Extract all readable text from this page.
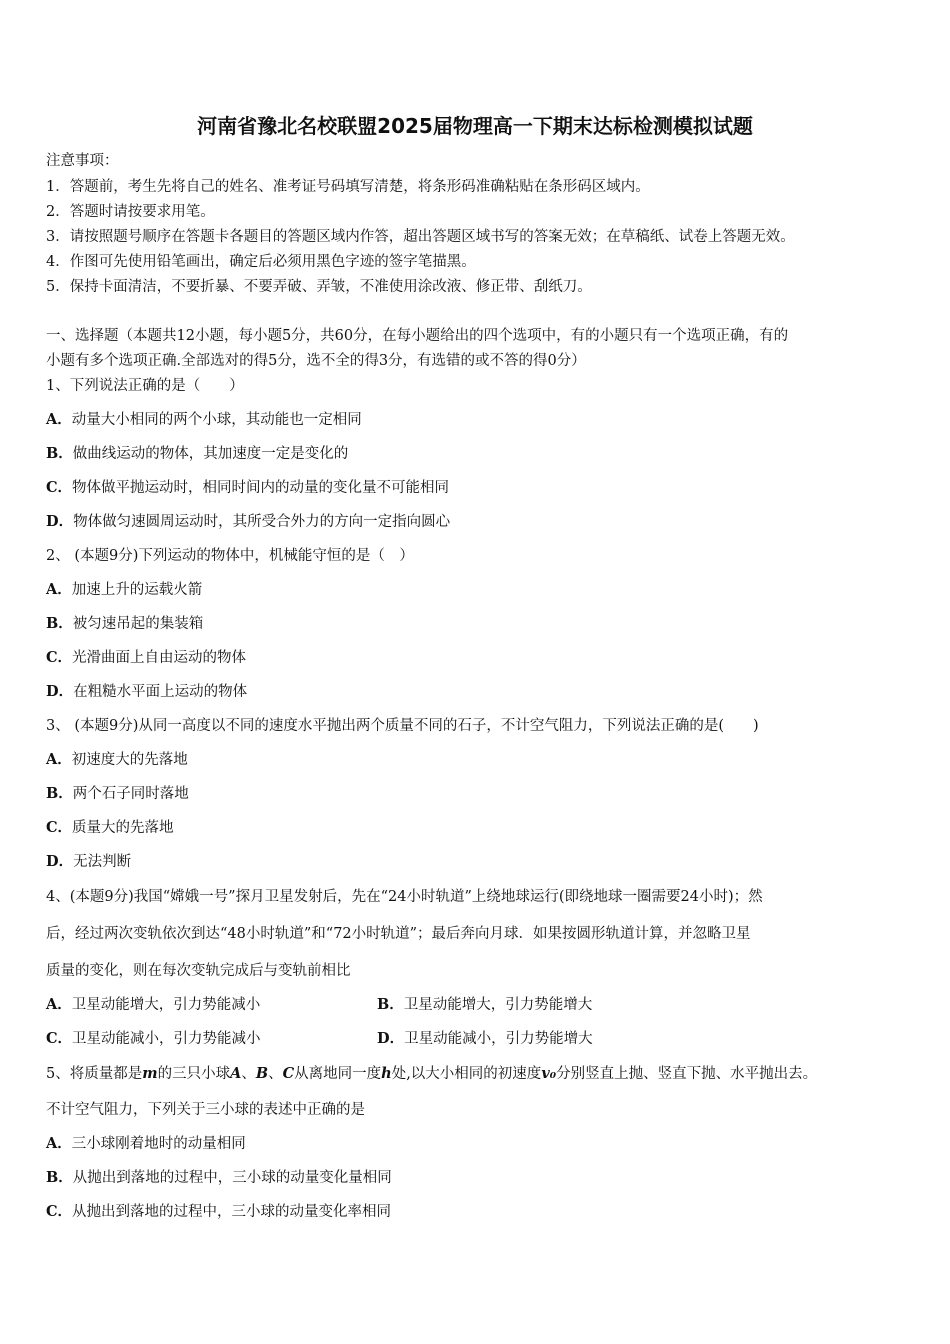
河南省豫北名校联盟2025届物理高一下期末达标检测模拟试题
注意事项：
1．答题前，考生先将自己的姓名、准考证号码填写清楚，将条形码准确粘贴在条形码区域内。
2．答题时请按要求用笔。
3．请按照题号顺序在答题卡各题目的答题区域内作答，超出答题区域书写的答案无效；在草稿纸、试卷上答题无效。
4．作图可先使用铅笔画出，确定后必须用黑色字迹的签字笔描黑。
5．保持卡面清洁，不要折暴、不要弄破、弄皱，不准使用涂改液、修正带、刮纸刀。
一、选择题（本题共12小题，每小题5分，共60分，在每小题给出的四个选项中，有的小题只有一个选项正确，有的
小题有多个选项正确.全部选对的得5分，选不全的得3分，有选错的或不答的得0分）
1、下列说法正确的是（　　）
A．动量大小相同的两个小球，其动能也一定相同
B．做曲线运动的物体，其加速度一定是变化的
C．物体做平抛运动时，相同时间内的动量的变化量不可能相同
D．物体做匀速圆周运动时，其所受合外力的方向一定指向圆心
2、 (本题9分)下列运动的物体中，机械能守恒的是（　）
A．加速上升的运载火箭
B．被匀速吊起的集装箱
C．光滑曲面上自由运动的物体
D．在粗糙水平面上运动的物体
3、 (本题9分)从同一高度以不同的速度水平抛出两个质量不同的石子，不计空气阻力，下列说法正确的是(　　)
A．初速度大的先落地
B．两个石子同时落地
C．质量大的先落地
D．无法判断
4、(本题9分)我国“嫦娥一号”探月卫星发射后，先在“24小时轨道”上绕地球运行(即绕地球一圈需要24小时)；然
后，经过两次变轨依次到达“48小时轨道”和“72小时轨道”；最后奔向月球．如果按圆形轨道计算，并忽略卫星
质量的变化，则在每次变轨完成后与变轨前相比
A．卫星动能增大，引力势能减小	B．卫星动能增大，引力势能增大
C．卫星动能减小，引力势能减小	D．卫星动能减小，引力势能增大
5、将质量都是m的三只小球A、B、C从离地同一度h处,以大小相同的初速度v₀分别竖直上抛、竖直下抛、水平抛出去。
不计空气阻力，下列关于三小球的表述中正确的是
A．三小球刚着地时的动量相同
B．从抛出到落地的过程中，三小球的动量变化量相同
C．从抛出到落地的过程中，三小球的动量变化率相同
